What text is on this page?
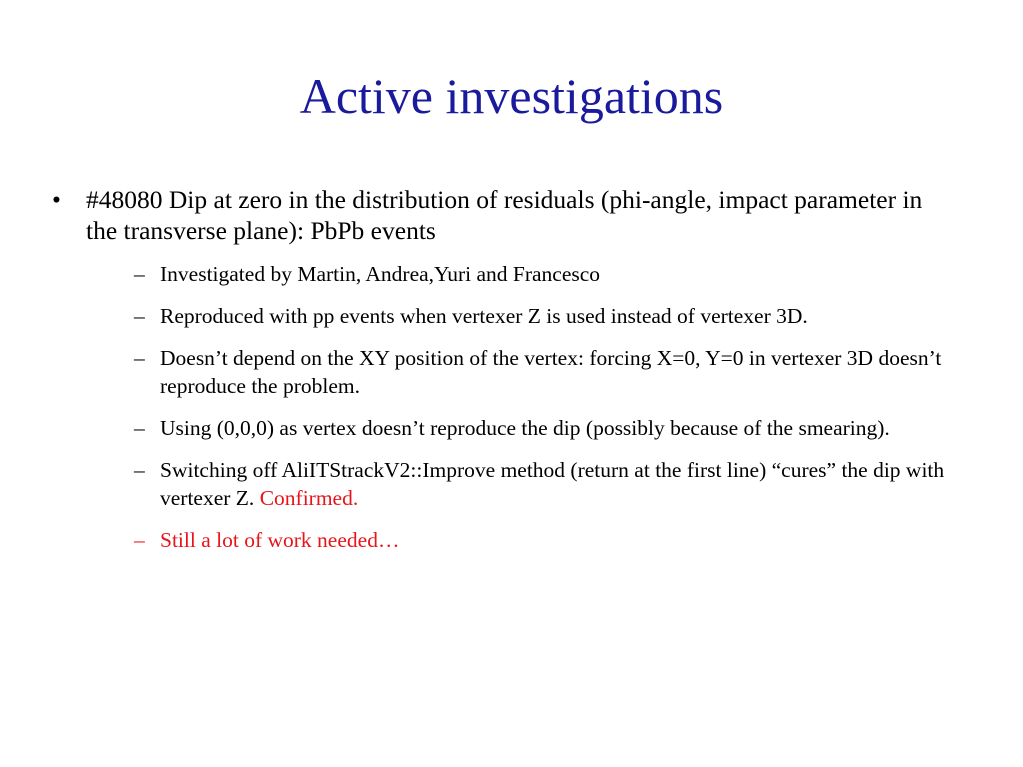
Active investigations
• #48080 Dip at zero in the distribution of residuals (phi-angle, impact parameter in the transverse plane): PbPb events
– Investigated by Martin, Andrea,Yuri and Francesco
– Reproduced with pp events when vertexer Z is used instead of vertexer 3D.
– Doesn’t depend on the XY position of the vertex: forcing X=0, Y=0 in vertexer 3D doesn’t reproduce the problem.
– Using (0,0,0) as vertex doesn’t reproduce the dip (possibly because of the smearing).
– Switching off AliITStrackV2::Improve method (return at the first line) “cures” the dip with vertexer Z. Confirmed.
– Still a lot of work needed…
